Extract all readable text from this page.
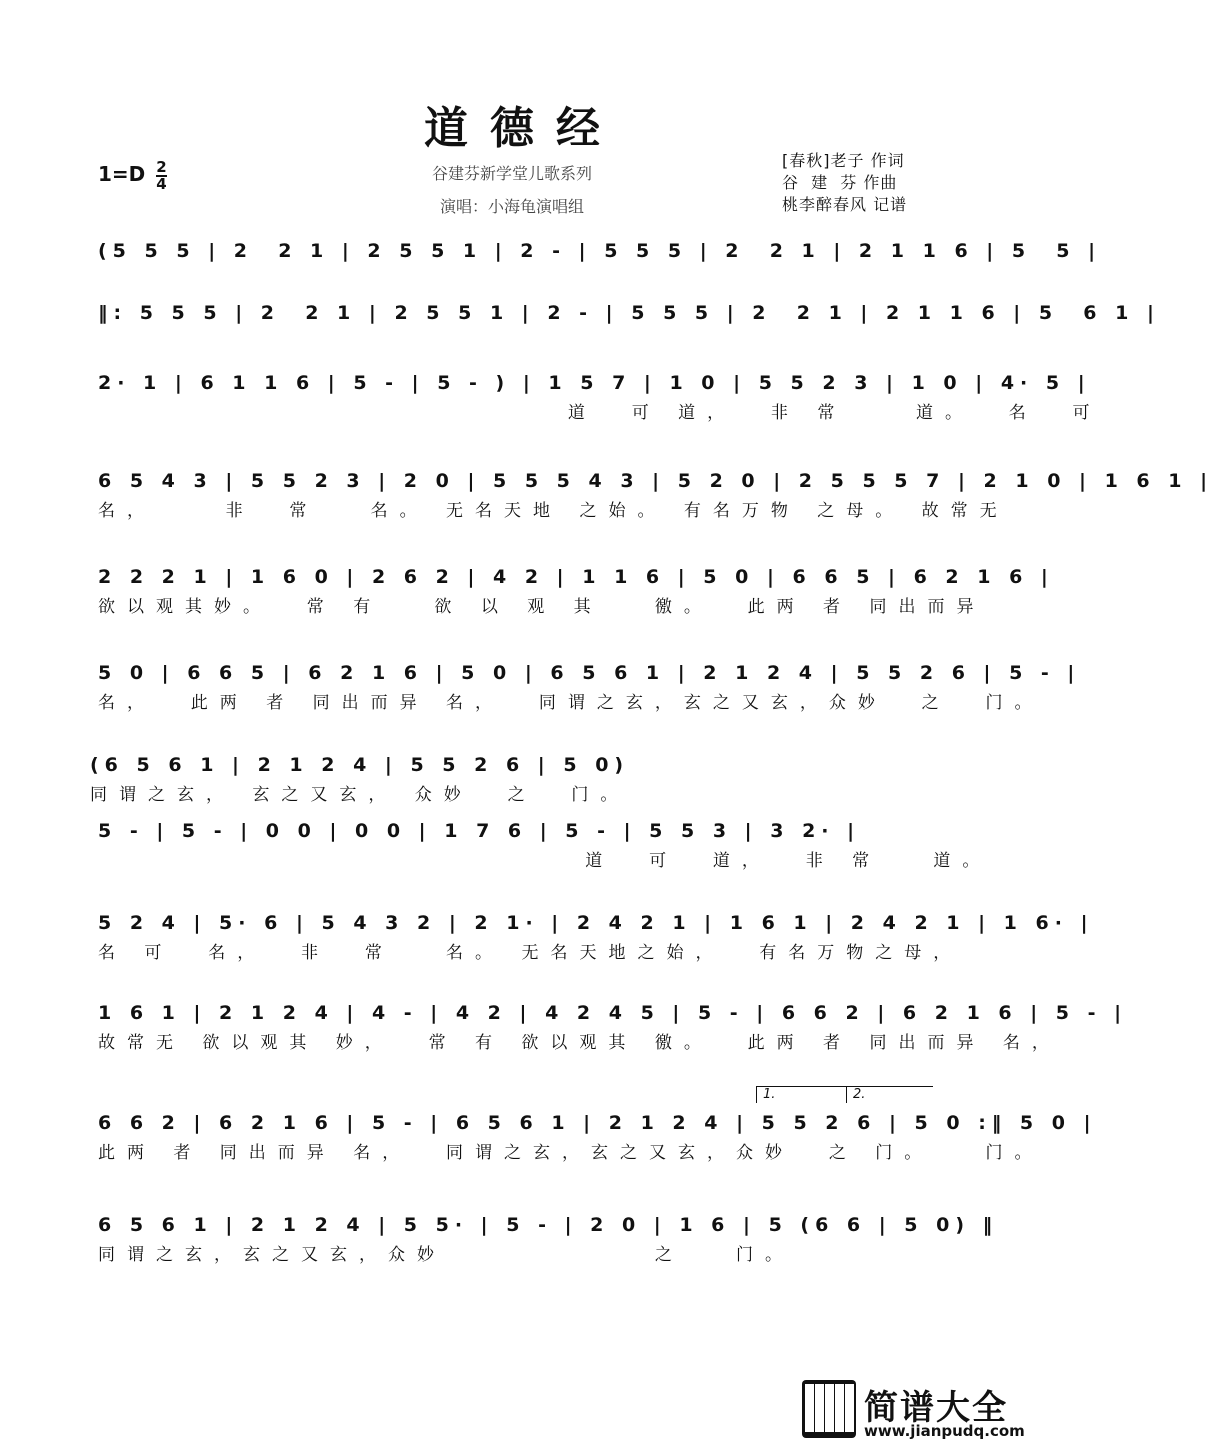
道德经
$1=D \frac{2}{4}$	谷建芬新学堂儿歌系列
演唱：小海龟演唱组
[春秋]老子 作词
谷  建  芬 作曲
桃李醉春风 记谱
(5 5 5 | 2  2 1 | 2 5 5 1 | 2 - | 5 5 5 | 2  2 1 | 2 1 1 6 | 5  5 |
‖: 5 5 5 | 2  2 1 | 2 5 5 1 | 2 - | 5 5 5 | 2  2 1 | 2 1 1 6 | 5  6 1 |
2· 1 | 6 1 1 6 | 5 - | 5 - ) | 1 5 7 | 1 0 | 5 5 2 3 | 1 0 | 4· 5 |
道  可 道，  非 常    道。  名  可
6 5 4 3 | 5 5 2 3 | 2 0 | 5 5 5 4 3 | 5 2 0 | 2 5 5 5 7 | 2 1 0 | 1 6 1 |
名，    非  常   名。 无名天地 之始。 有名万物 之母。 故常无
2 2 2 1 | 1 6 0 | 2 6 2 | 4 2 | 1 1 6 | 5 0 | 6 6 5 | 6 2 1 6 |
欲以观其妙。  常 有   欲 以 观 其   徼。  此两 者 同出而异
5 0 | 6 6 5 | 6 2 1 6 | 5 0 | 6 5 6 1 | 2 1 2 4 | 5 5 2 6 | 5 - |
名，  此两 者 同出而异 名，  同谓之玄，玄之又玄，众妙  之  门。
(6 5 6 1 | 2 1 2 4 | 5 5 2 6 | 5 0)
同谓之玄， 玄之又玄， 众妙  之  门。
5 - | 5 - | 0 0 | 0 0 | 1 7 6 | 5 - | 5 5 3 | 3 2· |
道  可  道，  非 常   道。
5 2 4 | 5· 6 | 5 4 3 2 | 2 1· | 2 4 2 1 | 1 6 1 | 2 4 2 1 | 1 6· |
名 可  名，  非  常   名。 无名天地之始，  有名万物之母，
1 6 1 | 2 1 2 4 | 4 - | 4 2 | 4 2 4 5 | 5 - | 6 6 2 | 6 2 1 6 | 5 - |
故常无 欲以观其 妙，  常 有 欲以观其 徼。  此两 者 同出而异 名，
1.	2.
6 6 2 | 6 2 1 6 | 5 - | 6 5 6 1 | 2 1 2 4 | 5 5 2 6 | 5 0 :‖ 5 0 |
此两 者 同出而异 名，  同谓之玄，玄之又玄，众妙  之 门。   门。
6 5 6 1 | 2 1 2 4 | 5 5· | 5 - | 2 0 | 1 6 | 5 (6 6 | 5 0) ‖
同谓之玄，玄之又玄，众妙            之   门。
简谱大全
www.jianpudq.com
